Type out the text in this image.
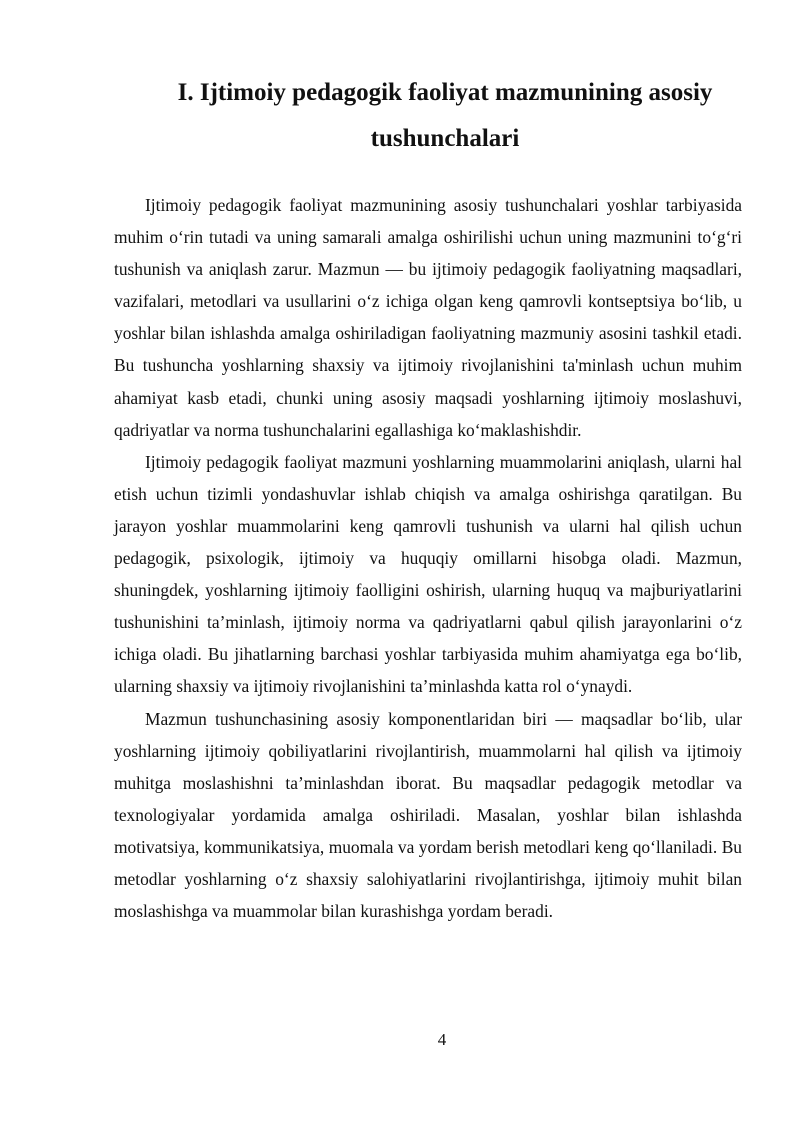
I. Ijtimoiy pedagogik faoliyat mazmunining asosiy
tushunchalari

Ijtimoiy pedagogik faoliyat mazmunining asosiy tushunchalari yoshlar tarbiyasida muhim o‘rin tutadi va uning samarali amalga oshirilishi uchun uning mazmunini to‘g‘ri tushunish va aniqlash zarur. Mazmun — bu ijtimoiy pedagogik faoliyatning maqsadlari, vazifalari, metodlari va usullarini o‘z ichiga olgan keng qamrovli kontseptsiya bo‘lib, u yoshlar bilan ishlashda amalga oshiriladigan faoliyatning mazmuniy asosini tashkil etadi. Bu tushuncha yoshlarning shaxsiy va ijtimoiy rivojlanishini ta'minlash uchun muhim ahamiyat kasb etadi, chunki uning asosiy maqsadi yoshlarning ijtimoiy moslashuvi, qadriyatlar va norma tushunchalarini egallashiga ko‘maklashishdir.

Ijtimoiy pedagogik faoliyat mazmuni yoshlarning muammolarini aniqlash, ularni hal etish uchun tizimli yondashuvlar ishlab chiqish va amalga oshirishga qaratilgan. Bu jarayon yoshlar muammolarini keng qamrovli tushunish va ularni hal qilish uchun pedagogik, psixologik, ijtimoiy va huquqiy omillarni hisobga oladi. Mazmun, shuningdek, yoshlarning ijtimoiy faolligini oshirish, ularning huquq va majburiyatlarini tushunishini ta’minlash, ijtimoiy norma va qadriyatlarni qabul qilish jarayonlarini o‘z ichiga oladi. Bu jihatlarning barchasi yoshlar tarbiyasida muhim ahamiyatga ega bo‘lib, ularning shaxsiy va ijtimoiy rivojlanishini ta’minlashda katta rol o‘ynaydi.

Mazmun tushunchasining asosiy komponentlaridan biri — maqsadlar bo‘lib, ular yoshlarning ijtimoiy qobiliyatlarini rivojlantirish, muammolarni hal qilish va ijtimoiy muhitga moslashishni ta’minlashdan iborat. Bu maqsadlar pedagogik metodlar va texnologiyalar yordamida amalga oshiriladi. Masalan, yoshlar bilan ishlashda motivatsiya, kommunikatsiya, muomala va yordam berish metodlari keng qo‘llaniladi. Bu metodlar yoshlarning o‘z shaxsiy salohiyatlarini rivojlantirishga, ijtimoiy muhit bilan moslashishga va muammolar bilan kurashishga yordam beradi.

4
